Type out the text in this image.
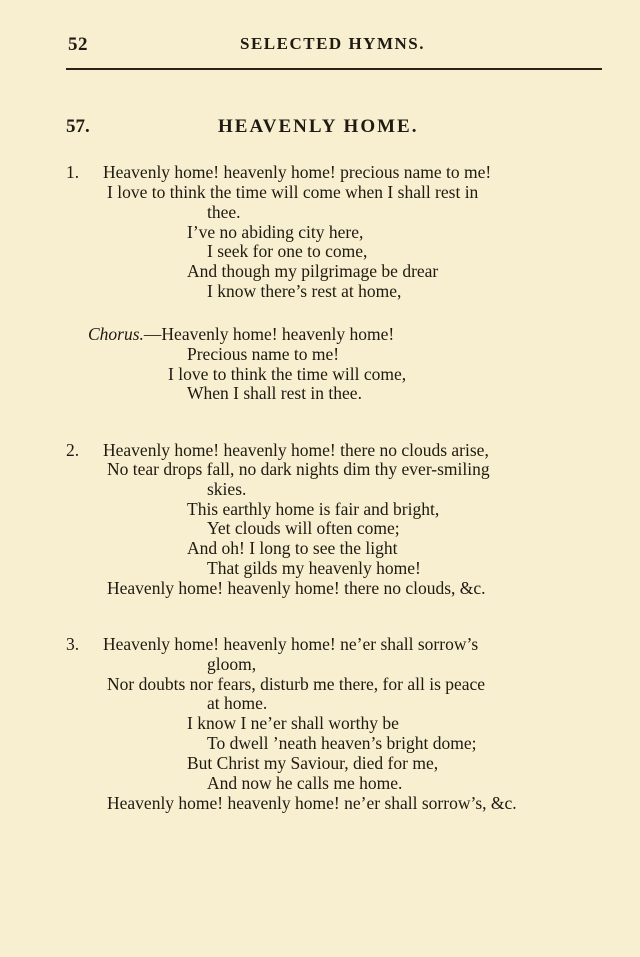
52	SELECTED HYMNS.
57.	HEAVENLY HOME.
1. Heavenly home! heavenly home! precious name to me!
I love to think the time will come when I shall rest in
thee.
I’ve no abiding city here,
I seek for one to come,
And though my pilgrimage be drear
I know there’s rest at home,
Chorus.—Heavenly home! heavenly home!
Precious name to me!
I love to think the time will come,
When I shall rest in thee.
2. Heavenly home! heavenly home! there no clouds arise,
No tear drops fall, no dark nights dim thy ever-smiling
skies.
This earthly home is fair and bright,
Yet clouds will often come;
And oh! I long to see the light
That gilds my heavenly home!
Heavenly home! heavenly home! there no clouds, &c.
3. Heavenly home! heavenly home! ne’er shall sorrow’s
gloom,
Nor doubts nor fears, disturb me there, for all is peace
at home.
I know I ne’er shall worthy be
To dwell ’neath heaven’s bright dome;
But Christ my Saviour, died for me,
And now he calls me home.
Heavenly home! heavenly home! ne’er shall sorrow’s, &c.
